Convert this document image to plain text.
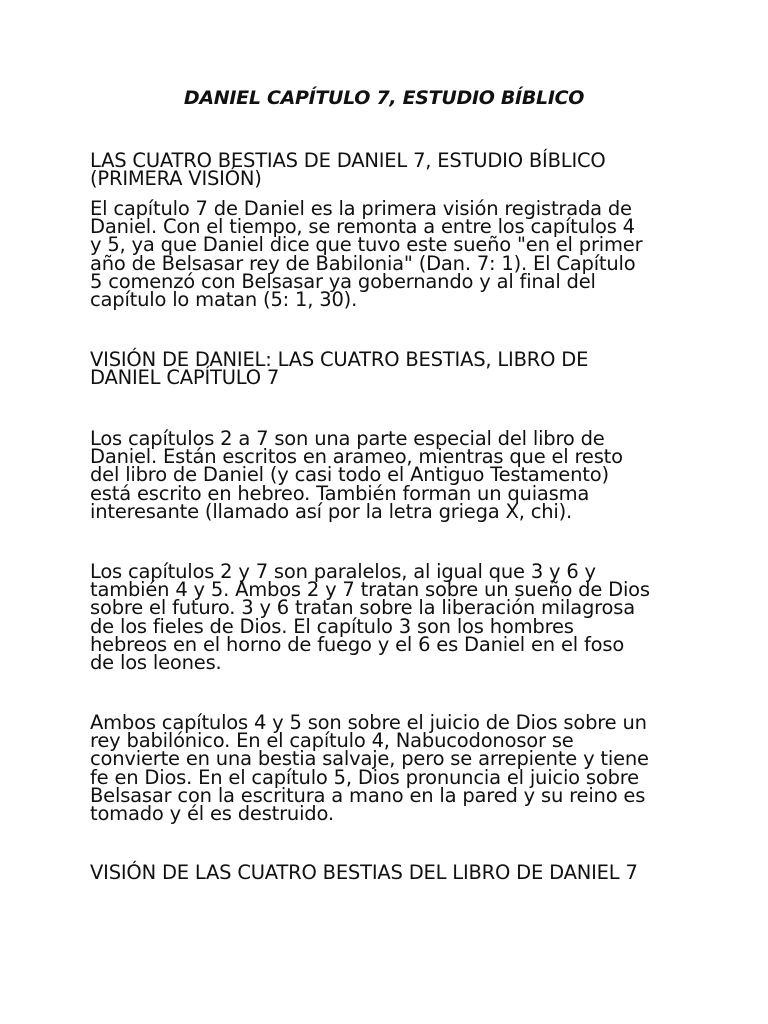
DANIEL CAPÍTULO 7, ESTUDIO BÍBLICO
LAS CUATRO BESTIAS DE DANIEL 7, ESTUDIO BÍBLICO
(PRIMERA VISIÓN)
El capítulo 7 de Daniel es la primera visión registrada de
Daniel. Con el tiempo, se remonta a entre los capítulos 4
y 5, ya que Daniel dice que tuvo este sueño "en el primer
año de Belsasar rey de Babilonia" (Dan. 7: 1). El Capítulo
5 comenzó con Belsasar ya gobernando y al final del
capítulo lo matan (5: 1, 30).
VISIÓN DE DANIEL: LAS CUATRO BESTIAS, LIBRO DE
DANIEL CAPÍTULO 7
Los capítulos 2 a 7 son una parte especial del libro de
Daniel. Están escritos en arameo, mientras que el resto
del libro de Daniel (y casi todo el Antiguo Testamento)
está escrito en hebreo. También forman un quiasma
interesante (llamado así por la letra griega X, chi).
Los capítulos 2 y 7 son paralelos, al igual que 3 y 6 y
también 4 y 5. Ambos 2 y 7 tratan sobre un sueño de Dios
sobre el futuro. 3 y 6 tratan sobre la liberación milagrosa
de los fieles de Dios. El capítulo 3 son los hombres
hebreos en el horno de fuego y el 6 es Daniel en el foso
de los leones.
Ambos capítulos 4 y 5 son sobre el juicio de Dios sobre un
rey babilónico. En el capítulo 4, Nabucodonosor se
convierte en una bestia salvaje, pero se arrepiente y tiene
fe en Dios. En el capítulo 5, Dios pronuncia el juicio sobre
Belsasar con la escritura a mano en la pared y su reino es
tomado y él es destruido.
VISIÓN DE LAS CUATRO BESTIAS DEL LIBRO DE DANIEL 7
